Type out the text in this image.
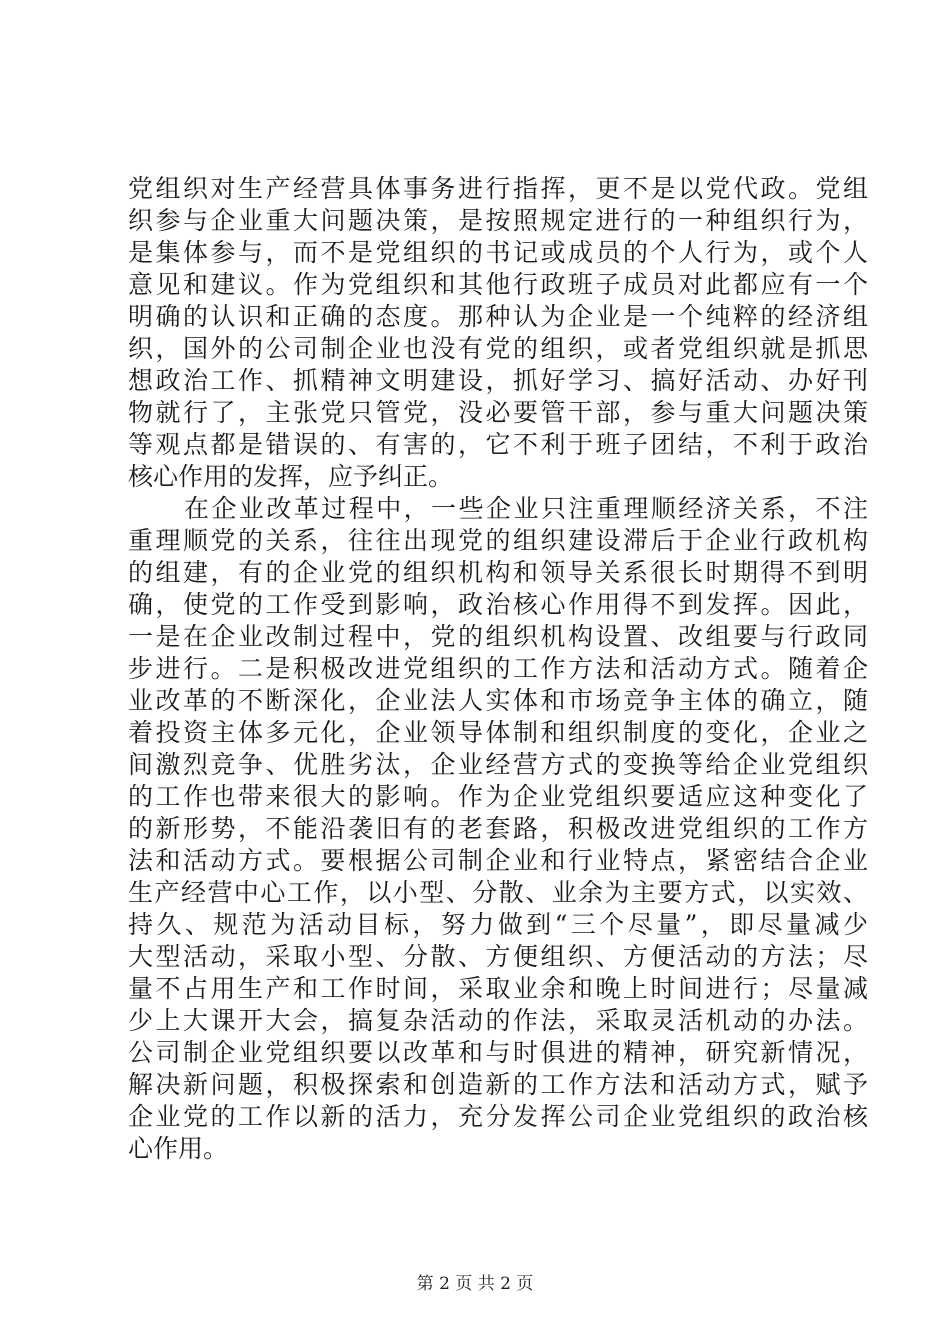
党组织对生产经营具体事务进行指挥，更不是以党代政。党组
织参与企业重大问题决策，是按照规定进行的一种组织行为，
是集体参与，而不是党组织的书记或成员的个人行为，或个人
意见和建议。作为党组织和其他行政班子成员对此都应有一个
明确的认识和正确的态度。那种认为企业是一个纯粹的经济组
织，国外的公司制企业也没有党的组织，或者党组织就是抓思
想政治工作、抓精神文明建设，抓好学习、搞好活动、办好刊
物就行了，主张党只管党，没必要管干部，参与重大问题决策
等观点都是错误的、有害的，它不利于班子团结，不利于政治
核心作用的发挥，应予纠正。
在企业改革过程中，一些企业只注重理顺经济关系，不注
重理顺党的关系，往往出现党的组织建设滞后于企业行政机构
的组建，有的企业党的组织机构和领导关系很长时期得不到明
确，使党的工作受到影响，政治核心作用得不到发挥。因此，
一是在企业改制过程中，党的组织机构设置、改组要与行政同
步进行。二是积极改进党组织的工作方法和活动方式。随着企
业改革的不断深化，企业法人实体和市场竞争主体的确立，随
着投资主体多元化，企业领导体制和组织制度的变化，企业之
间激烈竞争、优胜劣汰，企业经营方式的变换等给企业党组织
的工作也带来很大的影响。作为企业党组织要适应这种变化了
的新形势，不能沿袭旧有的老套路，积极改进党组织的工作方
法和活动方式。要根据公司制企业和行业特点，紧密结合企业
生产经营中心工作，以小型、分散、业余为主要方式，以实效、
持久、规范为活动目标，努力做到“三个尽量”，即尽量减少
大型活动，采取小型、分散、方便组织、方便活动的方法；尽
量不占用生产和工作时间，采取业余和晚上时间进行；尽量减
少上大课开大会，搞复杂活动的作法，采取灵活机动的办法。
公司制企业党组织要以改革和与时俱进的精神，研究新情况，
解决新问题，积极探索和创造新的工作方法和活动方式，赋予
企业党的工作以新的活力，充分发挥公司企业党组织的政治核
心作用。
第 2 页 共 2 页
